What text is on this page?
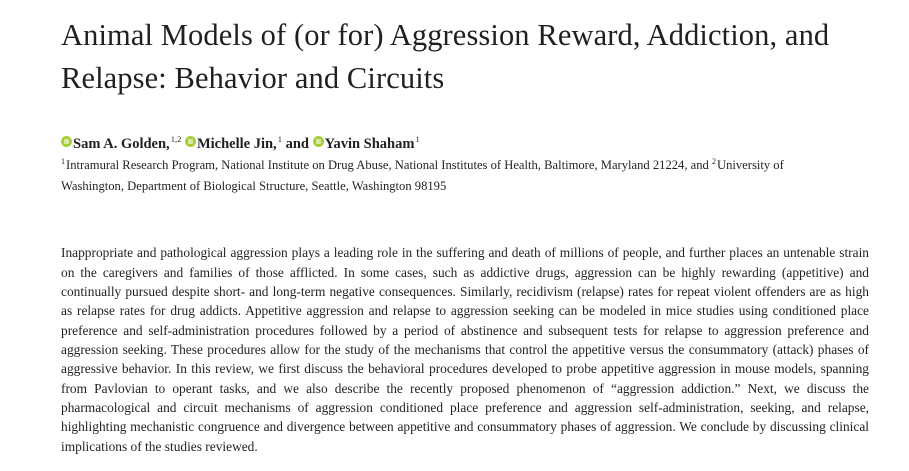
Animal Models of (or for) Aggression Reward, Addiction, and Relapse: Behavior and Circuits
Sam A. Golden,$^{1,2}$ Michelle Jin,$^1$ and Yavin Shaham$^1$
$^1$Intramural Research Program, National Institute on Drug Abuse, National Institutes of Health, Baltimore, Maryland 21224, and $^2$University of Washington, Department of Biological Structure, Seattle, Washington 98195

Inappropriate and pathological aggression plays a leading role in the suffering and death of millions of people, and further places an untenable strain on the caregivers and families of those afflicted. In some cases, such as addictive drugs, aggression can be highly rewarding (appetitive) and continually pursued despite short- and long-term negative consequences. Similarly, recidivism (relapse) rates for repeat violent offenders are as high as relapse rates for drug addicts. Appetitive aggression and relapse to aggression seeking can be modeled in mice studies using conditioned place preference and self-administration procedures followed by a period of abstinence and subsequent tests for relapse to aggression preference and aggression seeking. These procedures allow for the study of the mechanisms that control the appetitive versus the consummatory (attack) phases of aggressive behavior. In this review, we first discuss the behavioral procedures developed to probe appetitive aggression in mouse models, spanning from Pavlovian to operant tasks, and we also describe the recently proposed phenomenon of “aggression addiction.” Next, we discuss the pharmacological and circuit mechanisms of aggression conditioned place preference and aggression self-administration, seeking, and relapse, highlighting mechanistic congruence and divergence between appetitive and consummatory phases of aggression. We conclude by discussing clinical implications of the studies reviewed.
